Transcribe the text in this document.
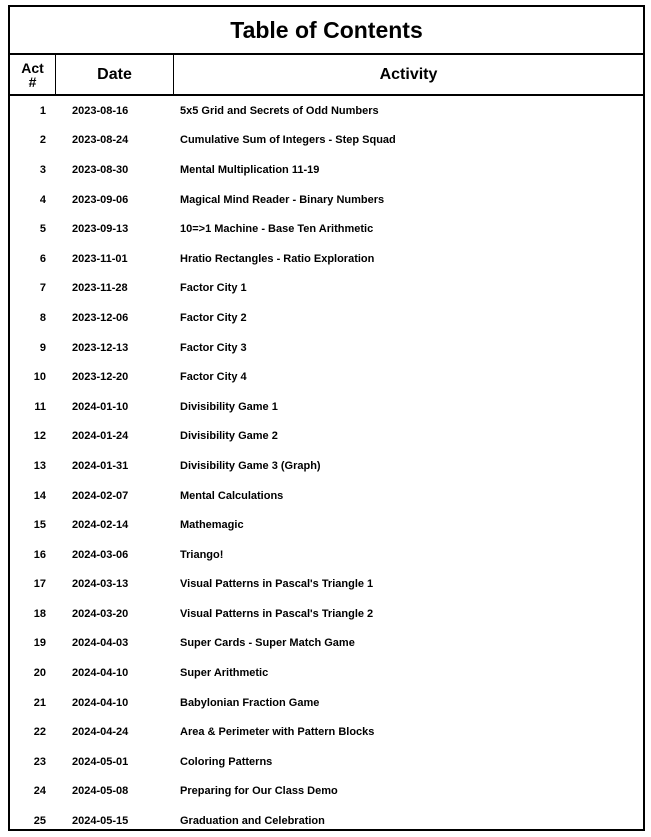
Table of Contents
Act
#	Date	Activity
1	2023-08-16	5x5 Grid and Secrets of Odd Numbers
2	2023-08-24	Cumulative Sum of Integers - Step Squad
3	2023-08-30	Mental Multiplication 11-19
4	2023-09-06	Magical Mind Reader - Binary Numbers
5	2023-09-13	10=>1 Machine - Base Ten Arithmetic
6	2023-11-01	Hratio Rectangles - Ratio Exploration
7	2023-11-28	Factor City 1
8	2023-12-06	Factor City 2
9	2023-12-13	Factor City 3
10	2023-12-20	Factor City 4
11	2024-01-10	Divisibility Game 1
12	2024-01-24	Divisibility Game 2
13	2024-01-31	Divisibility Game 3 (Graph)
14	2024-02-07	Mental Calculations
15	2024-02-14	Mathemagic
16	2024-03-06	Triango!
17	2024-03-13	Visual Patterns in Pascal's Triangle 1
18	2024-03-20	Visual Patterns in Pascal's Triangle 2
19	2024-04-03	Super Cards - Super Match Game
20	2024-04-10	Super Arithmetic
21	2024-04-10	Babylonian Fraction Game
22	2024-04-24	Area & Perimeter with Pattern Blocks
23	2024-05-01	Coloring Patterns
24	2024-05-08	Preparing for Our Class Demo
25	2024-05-15	Graduation and Celebration
